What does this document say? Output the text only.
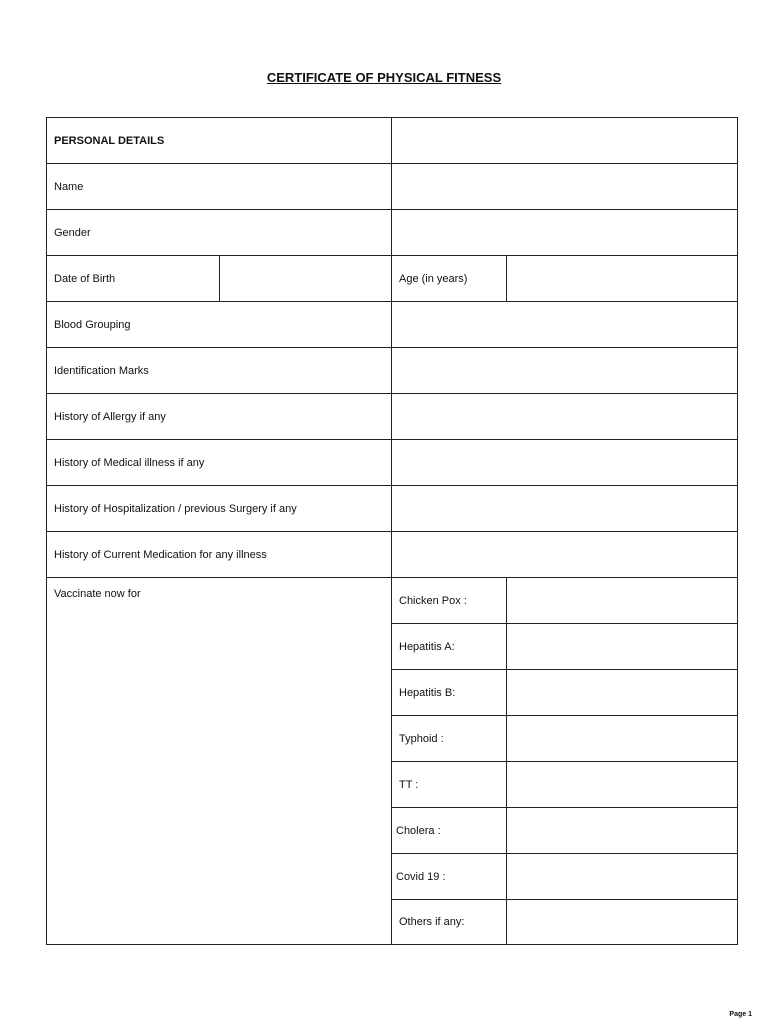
CERTIFICATE OF PHYSICAL FITNESS
PERSONAL DETAILS
Name
Gender
Date of Birth	Age (in years)
Blood Grouping
Identification Marks
History of Allergy if any
History of Medical illness if any
History of Hospitalization / previous Surgery if any
History of Current Medication for any illness
Vaccinate now for
Chicken Pox :
Hepatitis A:
Hepatitis B:
Typhoid :
TT :
Cholera :
Covid 19 :
Others if any:
Page 1
